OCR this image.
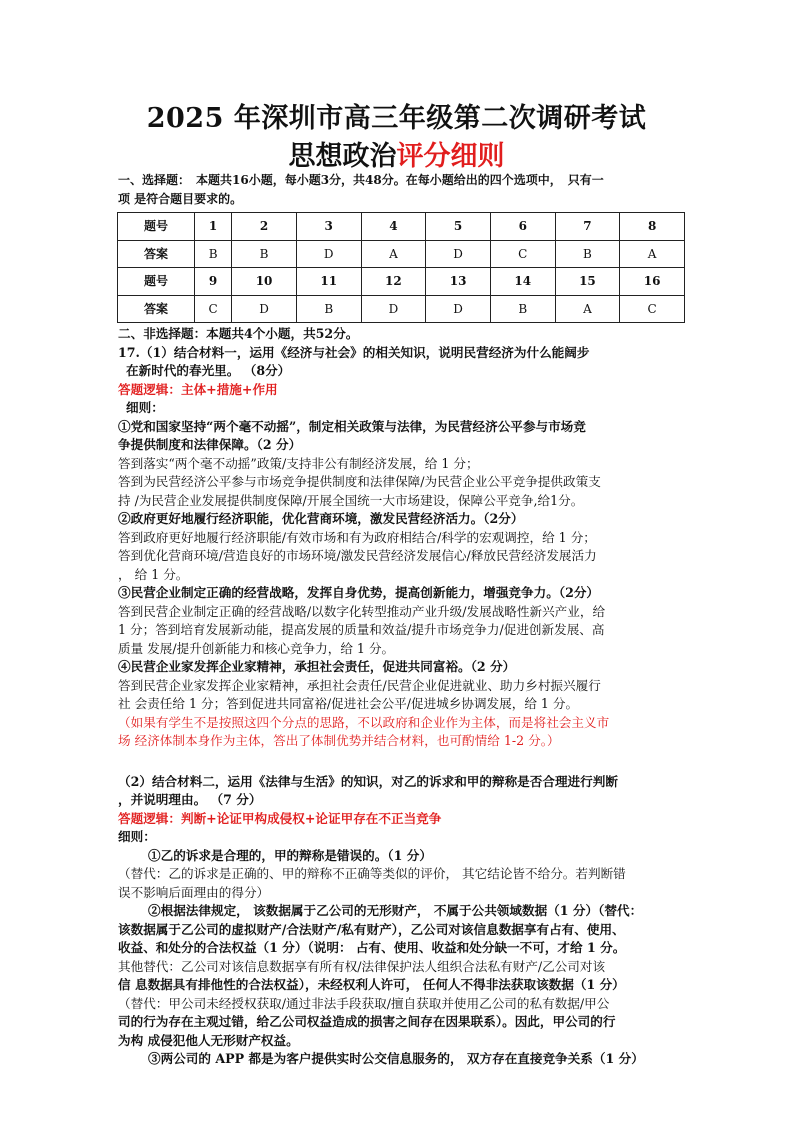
2025 年深圳市高三年级第二次调研考试
思想政治评分细则

一、选择题：　本题共16小题，每小题3分，共48分。在每小题给出的四个选项中，　只有一

项 是符合题目要求的。

题号	1	2	3	4	5	6	7	8
答案	B	B	D	A	D	C	B	A
题号	9	10	11	12	13	14	15	16
答案	C	D	B	D	D	B	A	C

二、非选择题：本题共4个小题，共52分。

17.（1）结合材料一，运用《经济与社会》的相关知识，说明民营经济为什么能阔步

在新时代的春光里。 （8分）

答题逻辑：主体+措施+作用

细则：

①党和国家坚持“两个毫不动摇”，制定相关政策与法律，为民营经济公平参与市场竞

争提供制度和法律保障。（2 分）

答到落实“两个毫不动摇”政策/支持非公有制经济发展，给 1 分；

答到为民营经济公平参与市场竞争提供制度和法律保障/为民营企业公平竞争提供政策支

持 /为民营企业发展提供制度保障/开展全国统一大市场建设，保障公平竞争,给1分。

②政府更好地履行经济职能，优化营商环境，激发民营经济活力。（2分）

答到政府更好地履行经济职能/有效市场和有为政府相结合/科学的宏观调控，给 1 分；

答到优化营商环境/营造良好的市场环境/激发民营经济发展信心/释放民营经济发展活力

， 给 1 分。

③民营企业制定正确的经营战略，发挥自身优势，提高创新能力，增强竞争力。（2分）

答到民营企业制定正确的经营战略/以数字化转型推动产业升级/发展战略性新兴产业，给

1 分；答到培育发展新动能，提高发展的质量和效益/提升市场竞争力/促进创新发展、高

质量 发展/提升创新能力和核心竞争力，给 1 分。

④民营企业家发挥企业家精神，承担社会责任，促进共同富裕。（2 分）

答到民营企业家发挥企业家精神，承担社会责任/民营企业促进就业、助力乡村振兴履行

社 会责任给 1 分；答到促进共同富裕/促进社会公平/促进城乡协调发展，给 1 分。

（如果有学生不是按照这四个分点的思路，不以政府和企业作为主体，而是将社会主义市

场 经济体制本身作为主体，答出了体制优势并结合材料，也可酌情给 1-2 分。）

（2）结合材料二，运用《法律与生活》的知识，对乙的诉求和甲的辩称是否合理进行判断

，并说明理由。 （7 分）

答题逻辑：判断+论证甲构成侵权+论证甲存在不正当竞争

细则：

①乙的诉求是合理的，甲的辩称是错误的。（1 分）

（替代：乙的诉求是正确的、甲的辩称不正确等类似的评价， 其它结论皆不给分。若判断错

误不影响后面理由的得分）

②根据法律规定， 该数据属于乙公司的无形财产， 不属于公共领域数据（1 分）（替代：

该数据属于乙公司的虚拟财产/合法财产/私有财产），乙公司对该信息数据享有占有、使用、

收益、和处分的合法权益（1 分）（说明： 占有、使用、收益和处分缺一不可，才给 1 分。

其他替代：乙公司对该信息数据享有所有权/法律保护法人组织合法私有财产/乙公司对该

信 息数据具有排他性的合法权益），未经权利人许可， 任何人不得非法获取该数据（1 分）

（替代：甲公司未经授权获取/通过非法手段获取/擅自获取并使用乙公司的私有数据/甲公

司的行为存在主观过错，给乙公司权益造成的损害之间存在因果联系）。因此，甲公司的行

为构 成侵犯他人无形财产权益。

③两公司的 APP 都是为客户提供实时公交信息服务的， 双方存在直接竞争关系（1 分）
